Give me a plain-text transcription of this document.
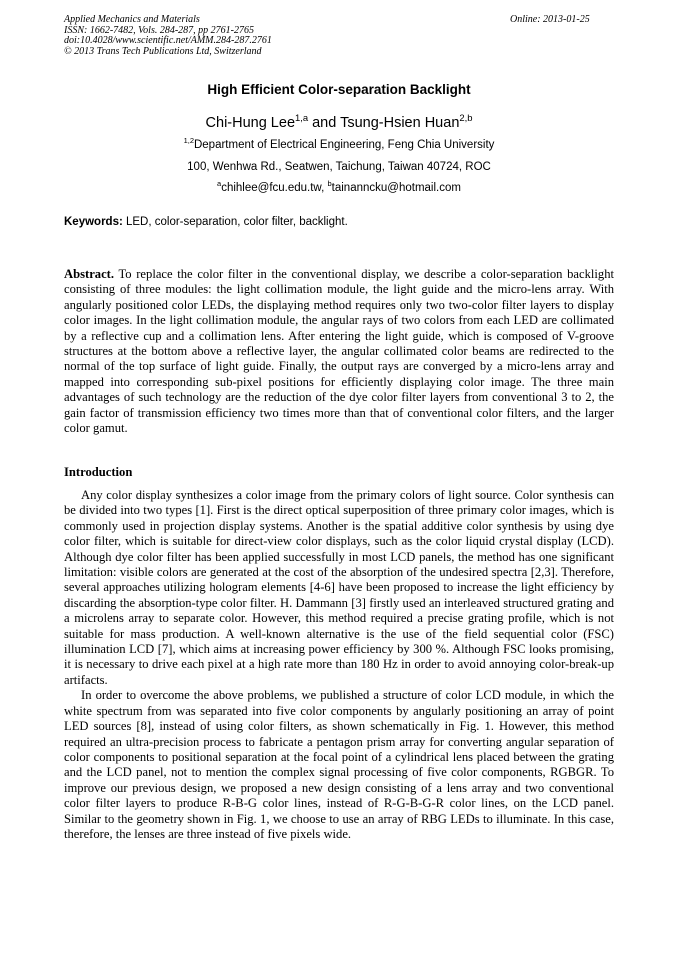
Applied Mechanics and Materials
ISSN: 1662-7482, Vols. 284-287, pp 2761-2765
doi:10.4028/www.scientific.net/AMM.284-287.2761
© 2013 Trans Tech Publications Ltd, Switzerland
Online: 2013-01-25
High Efficient Color-separation Backlight
Chi-Hung Lee$^{1,a}$ and Tsung-Hsien Huan$^{2,b}$
$^{1,2}$Department of Electrical Engineering, Feng Chia University
100, Wenhwa Rd., Seatwen, Taichung, Taiwan 40724, ROC
$^a$chihlee@fcu.edu.tw, $^b$tainanncku@hotmail.com
Keywords: LED, color-separation, color filter, backlight.

Abstract. To replace the color filter in the conventional display, we describe a color-separation backlight consisting of three modules: the light collimation module, the light guide and the micro-lens array. With angularly positioned color LEDs, the displaying method requires only two two-color filter layers to display color images. In the light collimation module, the angular rays of two colors from each LED are collimated by a reflective cup and a collimation lens. After entering the light guide, which is composed of V-groove structures at the bottom above a reflective layer, the angular collimated color beams are redirected to the normal of the top surface of light guide. Finally, the output rays are converged by a micro-lens array and mapped into corresponding sub-pixel positions for efficiently displaying color image. The three main advantages of such technology are the reduction of the dye color filter layers from conventional 3 to 2, the gain factor of transmission efficiency two times more than that of conventional color filters, and the larger color gamut.

Introduction

Any color display synthesizes a color image from the primary colors of light source. Color synthesis can be divided into two types [1]. First is the direct optical superposition of three primary color images, which is commonly used in projection display systems. Another is the spatial additive color synthesis by using dye color filter, which is suitable for direct-view color displays, such as the color liquid crystal display (LCD). Although dye color filter has been applied successfully in most LCD panels, the method has one significant limitation: visible colors are generated at the cost of the absorption of the undesired spectra [2,3]. Therefore, several approaches utilizing hologram elements [4-6] have been proposed to increase the light efficiency by discarding the absorption-type color filter. H. Dammann [3] firstly used an interleaved structured grating and a microlens array to separate color. However, this method required a precise grating profile, which is not suitable for mass production. A well-known alternative is the use of the field sequential color (FSC) illumination LCD [7], which aims at increasing power efficiency by 300 %. Although FSC looks promising, it is necessary to drive each pixel at a high rate more than 180 Hz in order to avoid annoying color-break-up artifacts.

In order to overcome the above problems, we published a structure of color LCD module, in which the white spectrum from was separated into five color components by angularly positioning an array of point LED sources [8], instead of using color filters, as shown schematically in Fig. 1. However, this method required an ultra-precision process to fabricate a pentagon prism array for converting angular separation of color components to positional separation at the focal point of a cylindrical lens placed between the grating and the LCD panel, not to mention the complex signal processing of five color components, RGBGR. To improve our previous design, we proposed a new design consisting of a lens array and two conventional color filter layers to produce R-B-G color lines, instead of R-G-B-G-R color lines, on the LCD panel. Similar to the geometry shown in Fig. 1, we choose to use an array of RBG LEDs to illuminate. In this case, therefore, the lenses are three instead of five pixels wide.
